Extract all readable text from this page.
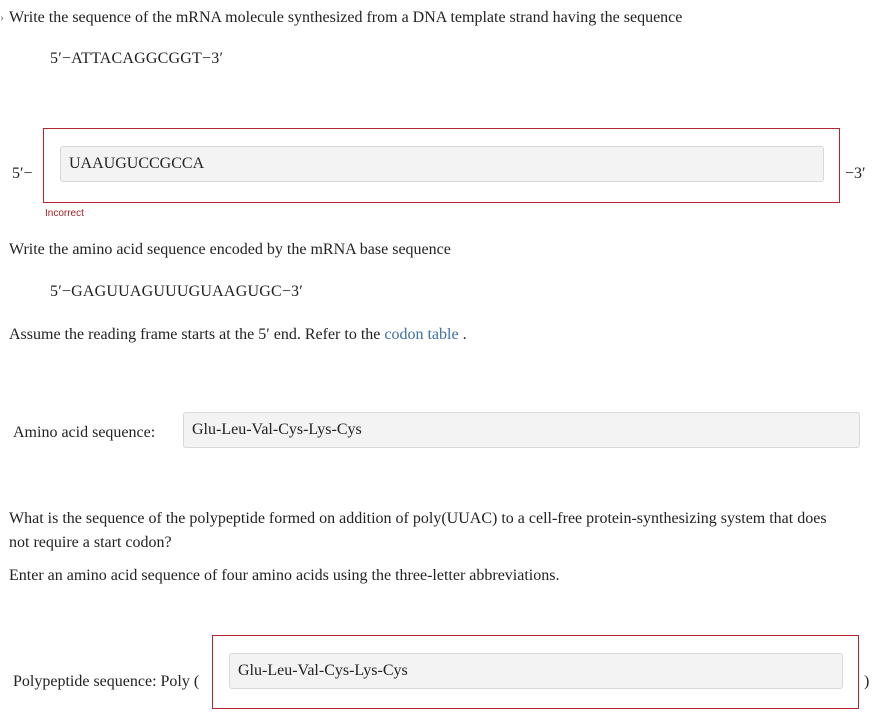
› Write the sequence of the mRNA molecule synthesized from a DNA template strand having the sequence
5′−ATTACAGGCGGT−3′
5′−
UAAUGUCCGCCA
−3′
Incorrect
Write the amino acid sequence encoded by the mRNA base sequence
5′−GAGUUAGUUUGUAAGUGC−3′
Assume the reading frame starts at the 5′ end. Refer to the codon table .
Amino acid sequence:	Glu-Leu-Val-Cys-Lys-Cys
What is the sequence of the polypeptide formed on addition of poly(UUAC) to a cell-free protein-synthesizing system that does
not require a start codon?
Enter an amino acid sequence of four amino acids using the three-letter abbreviations.
Polypeptide sequence: Poly (
Glu-Leu-Val-Cys-Lys-Cys
)
